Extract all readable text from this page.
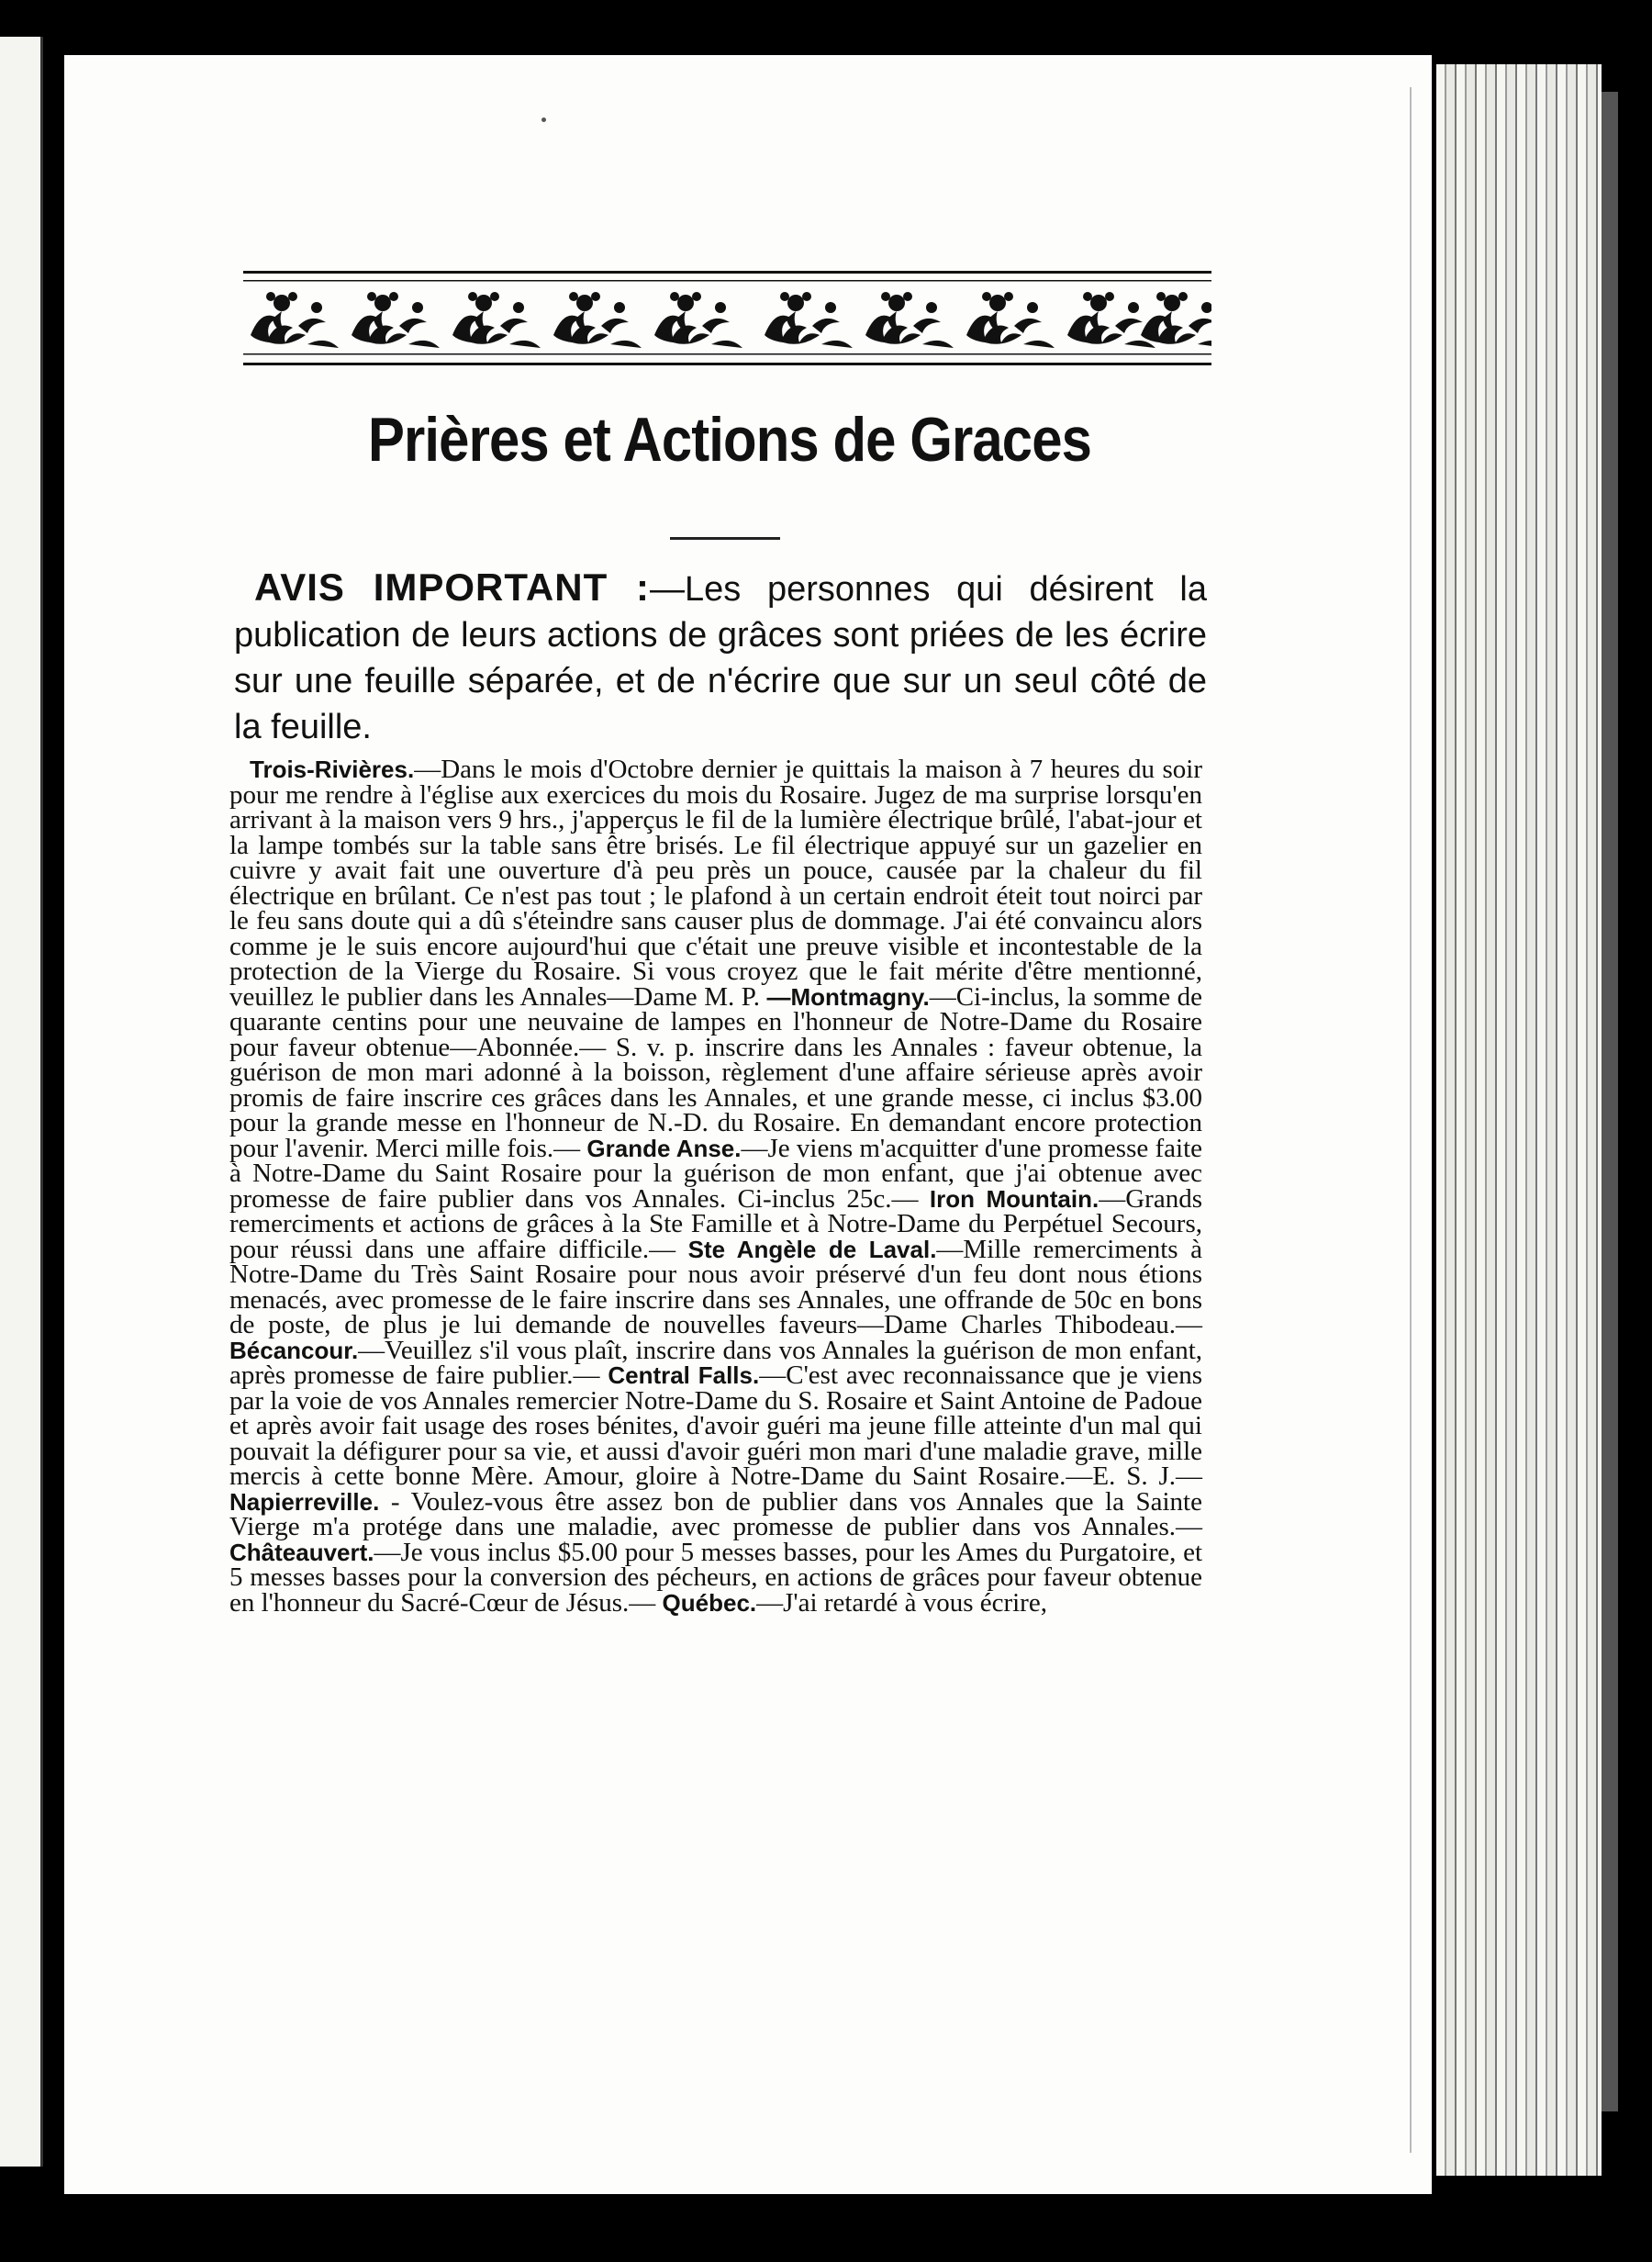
Prières et Actions de Graces
AVIS IMPORTANT :—Les personnes qui désirent la publication de leurs actions de grâces sont priées de les écrire sur une feuille séparée, et de n'écrire que sur un seul côté de la feuille.
Trois-Rivières.—Dans le mois d'Octobre dernier je quittais la maison à 7 heures du soir pour me rendre à l'église aux exercices du mois du Rosaire. Jugez de ma surprise lorsqu'en arrivant à la maison vers 9 hrs., j'apperçus le fil de la lumière électrique brûlé, l'abat-jour et la lampe tombés sur la table sans être brisés. Le fil électrique appuyé sur un gazelier en cuivre y avait fait une ouverture d'à peu près un pouce, causée par la chaleur du fil électrique en brûlant. Ce n'est pas tout ; le plafond à un certain endroit éteit tout noirci par le feu sans doute qui a dû s'éteindre sans causer plus de dommage. J'ai été convaincu alors comme je le suis encore aujourd'hui que c'était une preuve visible et incontestable de la protection de la Vierge du Rosaire. Si vous croyez que le fait mérite d'être mentionné, veuillez le publier dans les Annales—Dame M. P. —Montmagny.—Ci-inclus, la somme de quarante centins pour une neuvaine de lampes en l'honneur de Notre-Dame du Rosaire pour faveur obtenue—Abonnée.— S. v. p. inscrire dans les Annales : faveur obtenue, la guérison de mon mari adonné à la boisson, règlement d'une affaire sérieuse après avoir promis de faire inscrire ces grâces dans les Annales, et une grande messe, ci inclus $3.00 pour la grande messe en l'honneur de N.-D. du Rosaire. En demandant encore protection pour l'avenir. Merci mille fois.— Grande Anse.—Je viens m'acquitter d'une promesse faite à Notre-Dame du Saint Rosaire pour la guérison de mon enfant, que j'ai obtenue avec promesse de faire publier dans vos Annales. Ci-inclus 25c.— Iron Mountain.—Grands remerciments et actions de grâces à la Ste Famille et à Notre-Dame du Perpétuel Secours, pour réussi dans une affaire difficile.— Ste Angèle de Laval.—Mille remerciments à Notre-Dame du Très Saint Rosaire pour nous avoir préservé d'un feu dont nous étions menacés, avec promesse de le faire inscrire dans ses Annales, une offrande de 50c en bons de poste, de plus je lui demande de nouvelles faveurs—Dame Charles Thibodeau.— Bécancour.—Veuillez s'il vous plaît, inscrire dans vos Annales la guérison de mon enfant, après promesse de faire publier.— Central Falls.—C'est avec reconnaissance que je viens par la voie de vos Annales remercier Notre-Dame du S. Rosaire et Saint Antoine de Padoue et après avoir fait usage des roses bénites, d'avoir guéri ma jeune fille atteinte d'un mal qui pouvait la défigurer pour sa vie, et aussi d'avoir guéri mon mari d'une maladie grave, mille mercis à cette bonne Mère. Amour, gloire à Notre-Dame du Saint Rosaire.—E. S. J.— Napierreville. - Voulez-vous être assez bon de publier dans vos Annales que la Sainte Vierge m'a protége dans une maladie, avec promesse de publier dans vos Annales.— Châteauvert.—Je vous inclus $5.00 pour 5 messes basses, pour les Ames du Purgatoire, et 5 messes basses pour la conversion des pécheurs, en actions de grâces pour faveur obtenue en l'honneur du Sacré-Cœur de Jésus.— Québec.—J'ai retardé à vous écrire,
